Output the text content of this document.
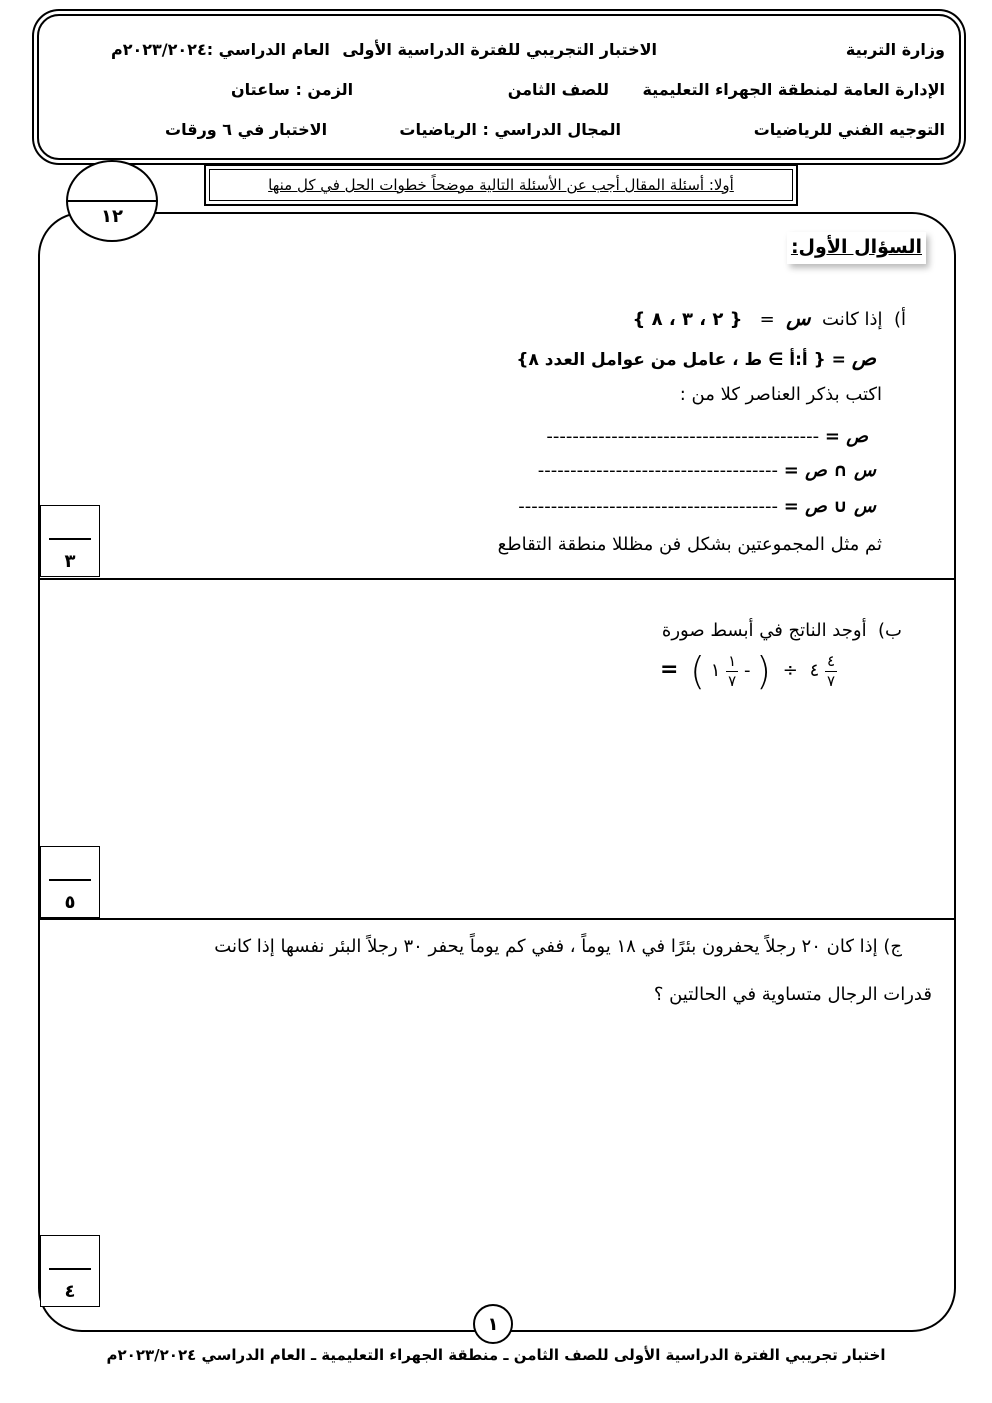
وزارة التربية
الاختبار التجريبي للفترة الدراسية الأولى
العام الدراسي :٢٠٢٣/٢٠٢٤م
الإدارة العامة لمنطقة الجهراء التعليمية
للصف الثامن
الزمن : ساعتان
التوجيه الفني للرياضيات
المجال الدراسي : الرياضيات
الاختبار في ٦ ورقات
أولا: أسئلة المقال أجب عن الأسئلة التالية موضحاً خطوات الحل في كل منها
١٢
السؤال الأول:
أ)  إذا كانت  س  =   { ٢ ، ٣ ، ٨ }
ص = { أ:أ ∋ ط ، عامل من عوامل العدد ٨}
اكتب بذكر العناصر كلا من :
ص = ------------------------------------------
س ∩ ص = -------------------------------------
س ∪ ص = ----------------------------------------
ثم مثل المجموعتين بشكل فن مظللا منطقة التقاطع
٣
ب)  أوجد الناتج في أبسط صورة
= ( ١ $\frac{١}{٧}$ - ) ÷ ٤ $\frac{٤}{٧}$
٥
ج) إذا كان ٢٠ رجلاً يحفرون بئرًا في ١٨ يوماً ، ففي كم يوماً يحفر ٣٠ رجلاً البئر نفسها إذا كانت
قدرات الرجال متساوية في الحالتين ؟
٤
١
اختبار تجريبي الفترة الدراسية الأولى للصف الثامن ـ منطقة الجهراء التعليمية ـ العام الدراسي ٢٠٢٣/٢٠٢٤م
